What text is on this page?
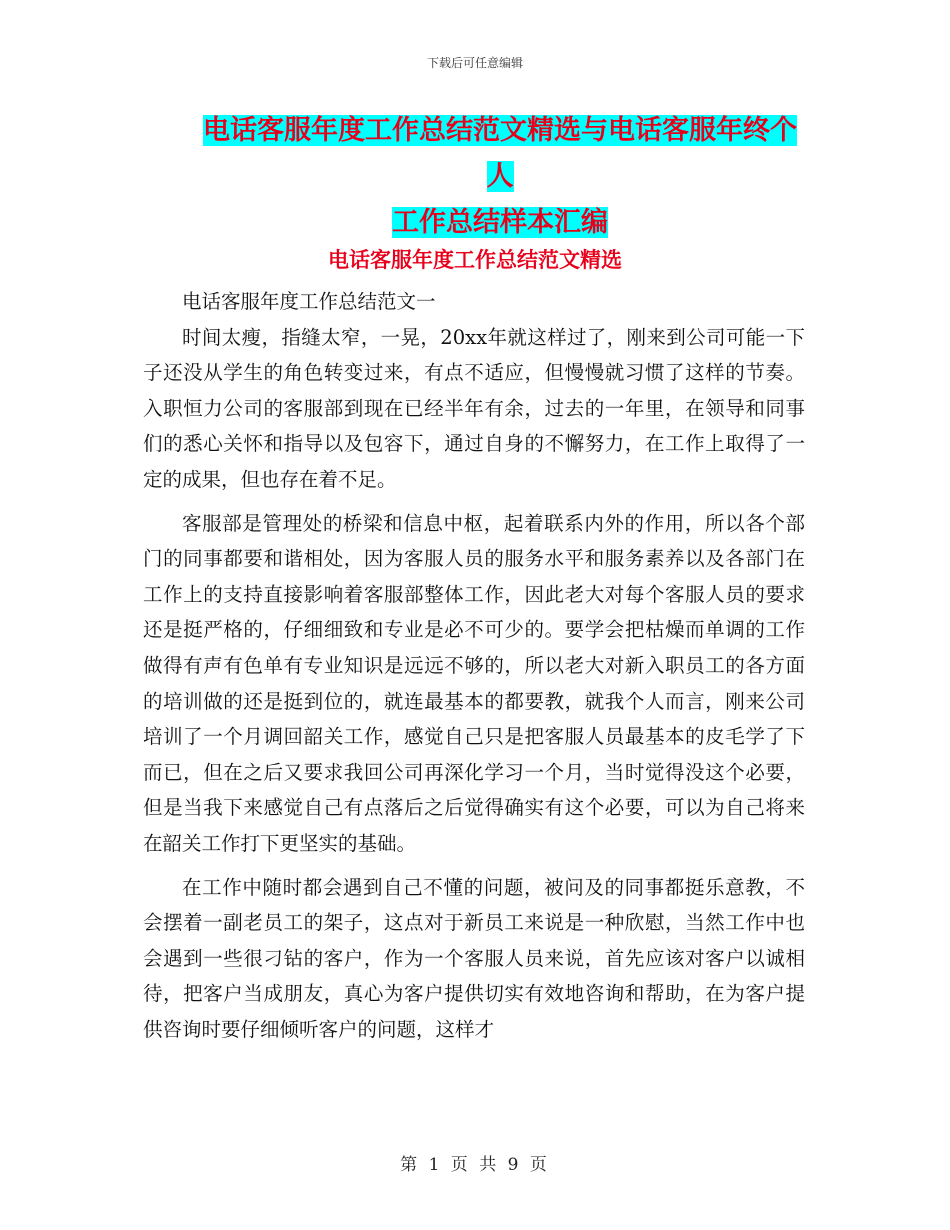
下载后可任意编辑
电话客服年度工作总结范文精选与电话客服年终个人
工作总结样本汇编
电话客服年度工作总结范文精选

电话客服年度工作总结范文一

时间太瘦，指缝太窄，一晃，20xx年就这样过了，刚来到公司可能一下子还没从学生的角色转变过来，有点不适应，但慢慢就习惯了这样的节奏。入职恒力公司的客服部到现在已经半年有余，过去的一年里，在领导和同事们的悉心关怀和指导以及包容下，通过自身的不懈努力，在工作上取得了一定的成果，但也存在着不足。

客服部是管理处的桥梁和信息中枢，起着联系内外的作用，所以各个部门的同事都要和谐相处，因为客服人员的服务水平和服务素养以及各部门在工作上的支持直接影响着客服部整体工作，因此老大对每个客服人员的要求还是挺严格的，仔细细致和专业是必不可少的。要学会把枯燥而单调的工作做得有声有色单有专业知识是远远不够的，所以老大对新入职员工的各方面的培训做的还是挺到位的，就连最基本的都要教，就我个人而言，刚来公司培训了一个月调回韶关工作，感觉自己只是把客服人员最基本的皮毛学了下而已，但在之后又要求我回公司再深化学习一个月，当时觉得没这个必要，但是当我下来感觉自己有点落后之后觉得确实有这个必要，可以为自己将来在韶关工作打下更坚实的基础。

在工作中随时都会遇到自己不懂的问题，被问及的同事都挺乐意教，不会摆着一副老员工的架子，这点对于新员工来说是一种欣慰，当然工作中也会遇到一些很刁钻的客户，作为一个客服人员来说，首先应该对客户以诚相待，把客户当成朋友，真心为客户提供切实有效地咨询和帮助，在为客户提供咨询时要仔细倾听客户的问题，这样才

第 1 页 共 9 页
